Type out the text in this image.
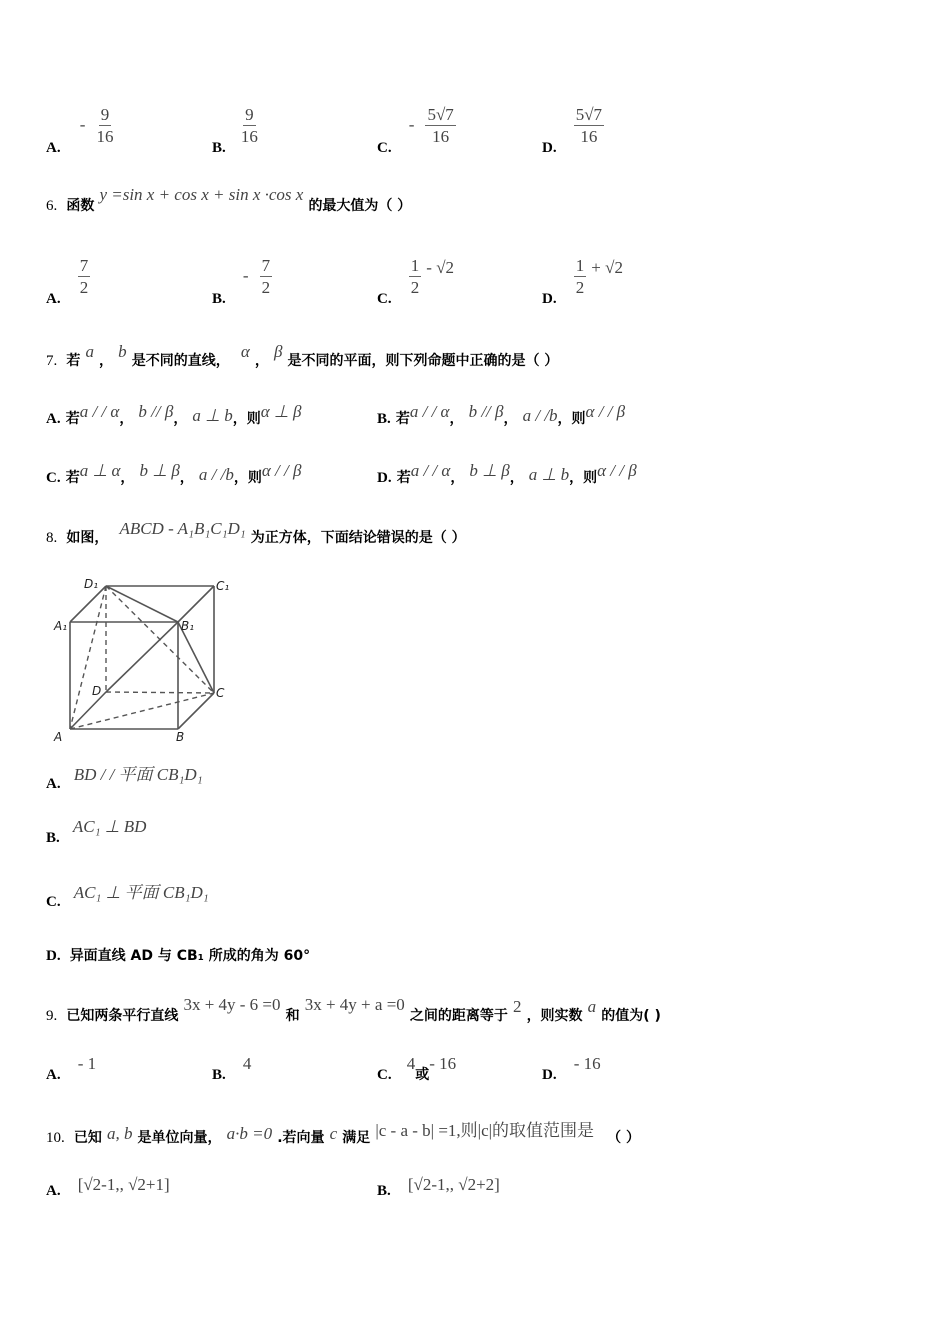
A. - $\frac{9}{16}$
B.
$\frac{9}{16}$
C. - $\frac{5√7}{16}$
D.
$\frac{5√7}{16}$
6. 函数 y =sin x + cos x + sin x ·cos x 的最大值为（ ）
A.
$\frac{7}{2}$
B. - $\frac{7}{2}$
C.
$\frac{1}{2} - √2$
D.
$\frac{1}{2} + √2$
7. 若 a ， b 是不同的直线， α ， β 是不同的平面，则下列命题中正确的是（ ）
A. 若a / / α， b // β， a ⊥ b，则α ⊥ β	B. 若a / / α， b // β， a / /b，则α / / β
C. 若a ⊥ α， b ⊥ β， a / /b，则α / / β	D. 若a / / α， b ⊥ β， a ⊥ b，则α / / β
8. 如图， ABCD - A₁B₁C₁D₁ 为正方体，下面结论错误的是（ ）
D₁	C₁
A₁	B₁
D	C
A	B
A. BD / / 平面 CB₁D₁
B. AC₁ ⊥ BD
C. AC₁ ⊥ 平面 CB₁D₁
D. 异面直线 AD 与 CB₁ 所成的角为 60°
9. 已知两条平行直线 3x + 4y - 6 =0 和 3x + 4y + a =0 之间的距离等于 2 ，则实数 a 的值为( )
A. - 1
B. 4
C. 4或- 16
D. - 16
10. 已知 a, b 是单位向量， a·b =0 .若向量 c 满足 |c - a - b| =1,则|c|的取值范围是 （ ）
A. [√2-1,, √2+1]	B. [√2-1,, √2+2]
